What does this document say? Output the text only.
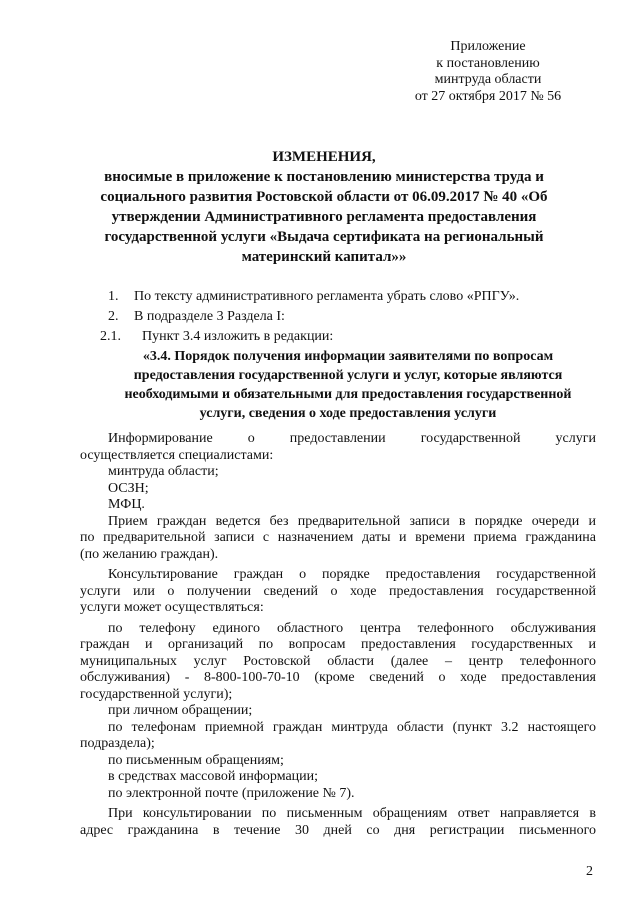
Приложение
к постановлению
минтруда области
от 27 октября 2017 № 56
ИЗМЕНЕНИЯ,
вносимые в приложение к постановлению министерства труда и
социального развития Ростовской области от 06.09.2017 № 40 «Об
утверждении Административного регламента предоставления
государственной услуги «Выдача сертификата на региональный
материнский капитал»»
1. По тексту административного регламента убрать слово «РПГУ».
2. В подразделе 3 Раздела I:
2.1. Пункт 3.4 изложить в редакции:
«3.4. Порядок получения информации заявителями по вопросам
предоставления государственной услуги и услуг, которые являются
необходимыми и обязательными для предоставления государственной
услуги, сведения о ходе предоставления услуги

Информирование о предоставлении государственной услуги
осуществляется специалистами:

минтруда области;
ОСЗН;
МФЦ.

Прием граждан ведется без предварительной записи в порядке очереди и
по предварительной записи с назначением даты и времени приема гражданина
(по желанию граждан).

Консультирование граждан о порядке предоставления государственной
услуги или о получении сведений о ходе предоставления государственной
услуги может осуществляться:

по телефону единого областного центра телефонного обслуживания
граждан и организаций по вопросам предоставления государственных и
муниципальных услуг Ростовской области (далее – центр телефонного
обслуживания) - 8-800-100-70-10 (кроме сведений о ходе предоставления
государственной услуги);

при личном обращении;

по телефонам приемной граждан минтруда области (пункт 3.2 настоящего
подраздела);

по письменным обращениям;
в средствах массовой информации;
по электронной почте (приложение № 7).

При консультировании по письменным обращениям ответ направляется в
адрес гражданина в течение 30 дней со дня регистрации письменного

2
